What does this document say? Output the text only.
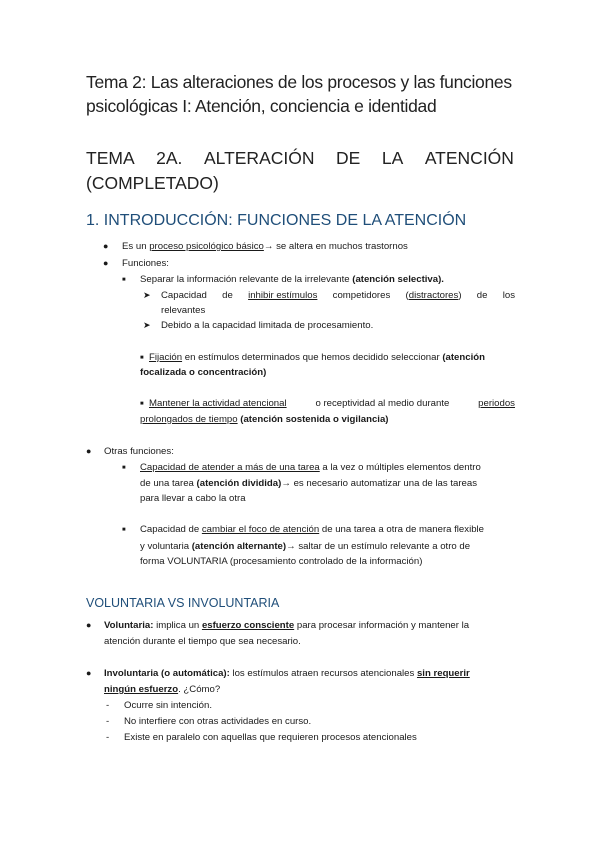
Tema 2: Las alteraciones de los procesos y las funciones
psicológicas I: Atención, conciencia e identidad
TEMA 2A. ALTERACIÓN DE LA ATENCIÓN
(COMPLETADO)
1. INTRODUCCIÓN: FUNCIONES DE LA ATENCIÓN
● Es un proceso psicológico básico→ se altera en muchos trastornos
● Funciones:
■ Separar la información relevante de la irrelevante (atención selectiva).
➤ Capacidad de inhibir estímulos competidores (distractores) de los
relevantes
➤ Debido a la capacidad limitada de procesamiento.
■ Fijación en estímulos determinados que hemos decidido seleccionar (atención
focalizada o concentración)
■ Mantener la actividad atencional	o receptividad al medio durante	periodos
prolongados de tiempo (atención sostenida o vigilancia)
● Otras funciones:
■ Capacidad de atender a más de una tarea a la vez o múltiples elementos dentro
de una tarea (atención dividida)→ es necesario automatizar una de las tareas
para llevar a cabo la otra
■ Capacidad de cambiar el foco de atención de una tarea a otra de manera flexible
y voluntaria (atención alternante)→ saltar de un estímulo relevante a otro de
forma VOLUNTARIA (procesamiento controlado de la información)
VOLUNTARIA VS INVOLUNTARIA
● Voluntaria: implica un esfuerzo consciente para procesar información y mantener la
atención durante el tiempo que sea necesario.
● Involuntaria (o automática): los estímulos atraen recursos atencionales sin requerir
ningún esfuerzo. ¿Cómo?
- Ocurre sin intención.
- No interfiere con otras actividades en curso.
- Existe en paralelo con aquellas que requieren procesos atencionales
